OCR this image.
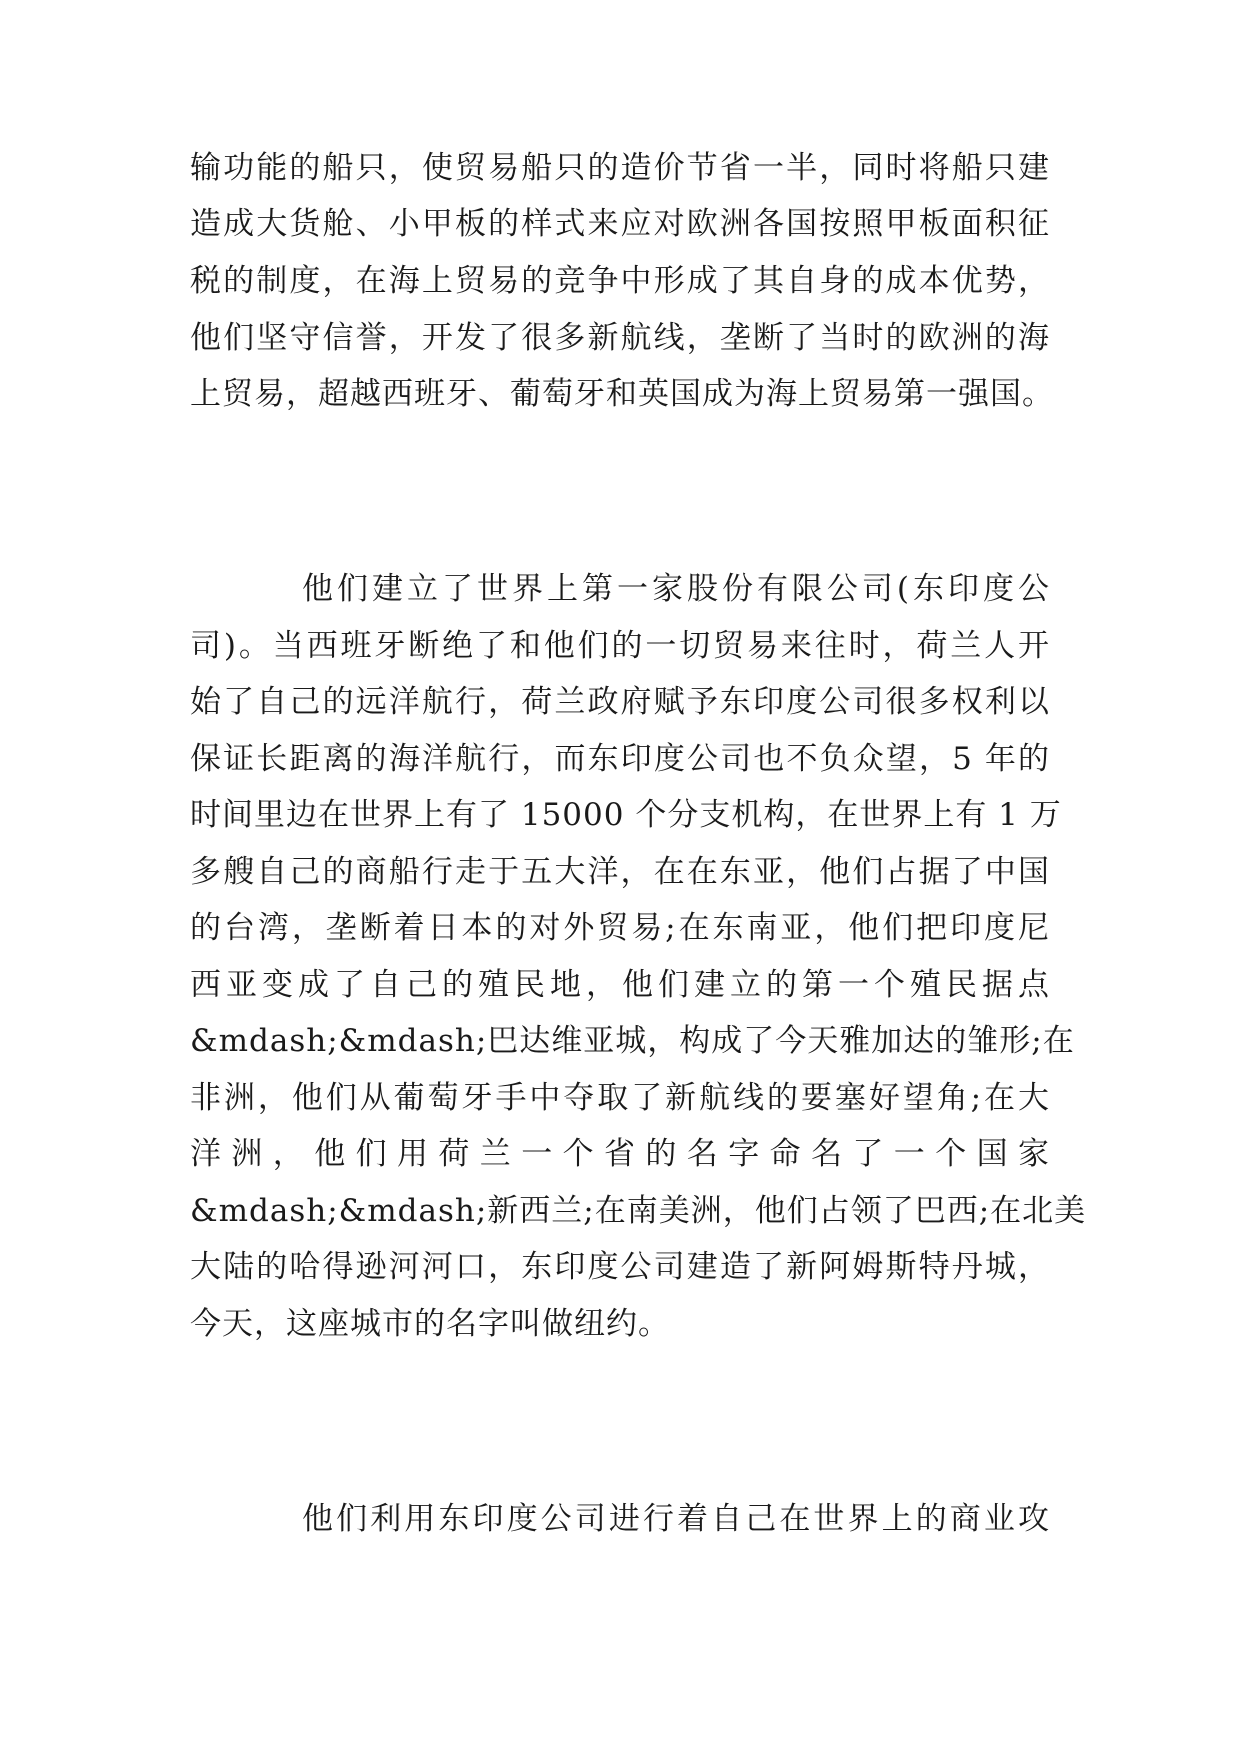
输功能的船只，使贸易船只的造价节省一半，同时将船只建
造成大货舱、小甲板的样式来应对欧洲各国按照甲板面积征
税的制度，在海上贸易的竞争中形成了其自身的成本优势，
他们坚守信誉，开发了很多新航线，垄断了当时的欧洲的海
上贸易，超越西班牙、葡萄牙和英国成为海上贸易第一强国。
他们建立了世界上第一家股份有限公司(东印度公
司)。当西班牙断绝了和他们的一切贸易来往时，荷兰人开
始了自己的远洋航行，荷兰政府赋予东印度公司很多权利以
保证长距离的海洋航行，而东印度公司也不负众望，5 年的
时间里边在世界上有了 15000 个分支机构，在世界上有 1 万
多艘自己的商船行走于五大洋，在在东亚，他们占据了中国
的台湾，垄断着日本的对外贸易;在东南亚，他们把印度尼
西亚变成了自己的殖民地，他们建立的第一个殖民据点
&mdash;&mdash;巴达维亚城，构成了今天雅加达的雏形;在
非洲，他们从葡萄牙手中夺取了新航线的要塞好望角;在大
洋洲，他们用荷兰一个省的名字命名了一个国家
&mdash;&mdash;新西兰;在南美洲，他们占领了巴西;在北美
大陆的哈得逊河河口，东印度公司建造了新阿姆斯特丹城，
今天，这座城市的名字叫做纽约。
他们利用东印度公司进行着自己在世界上的商业攻
